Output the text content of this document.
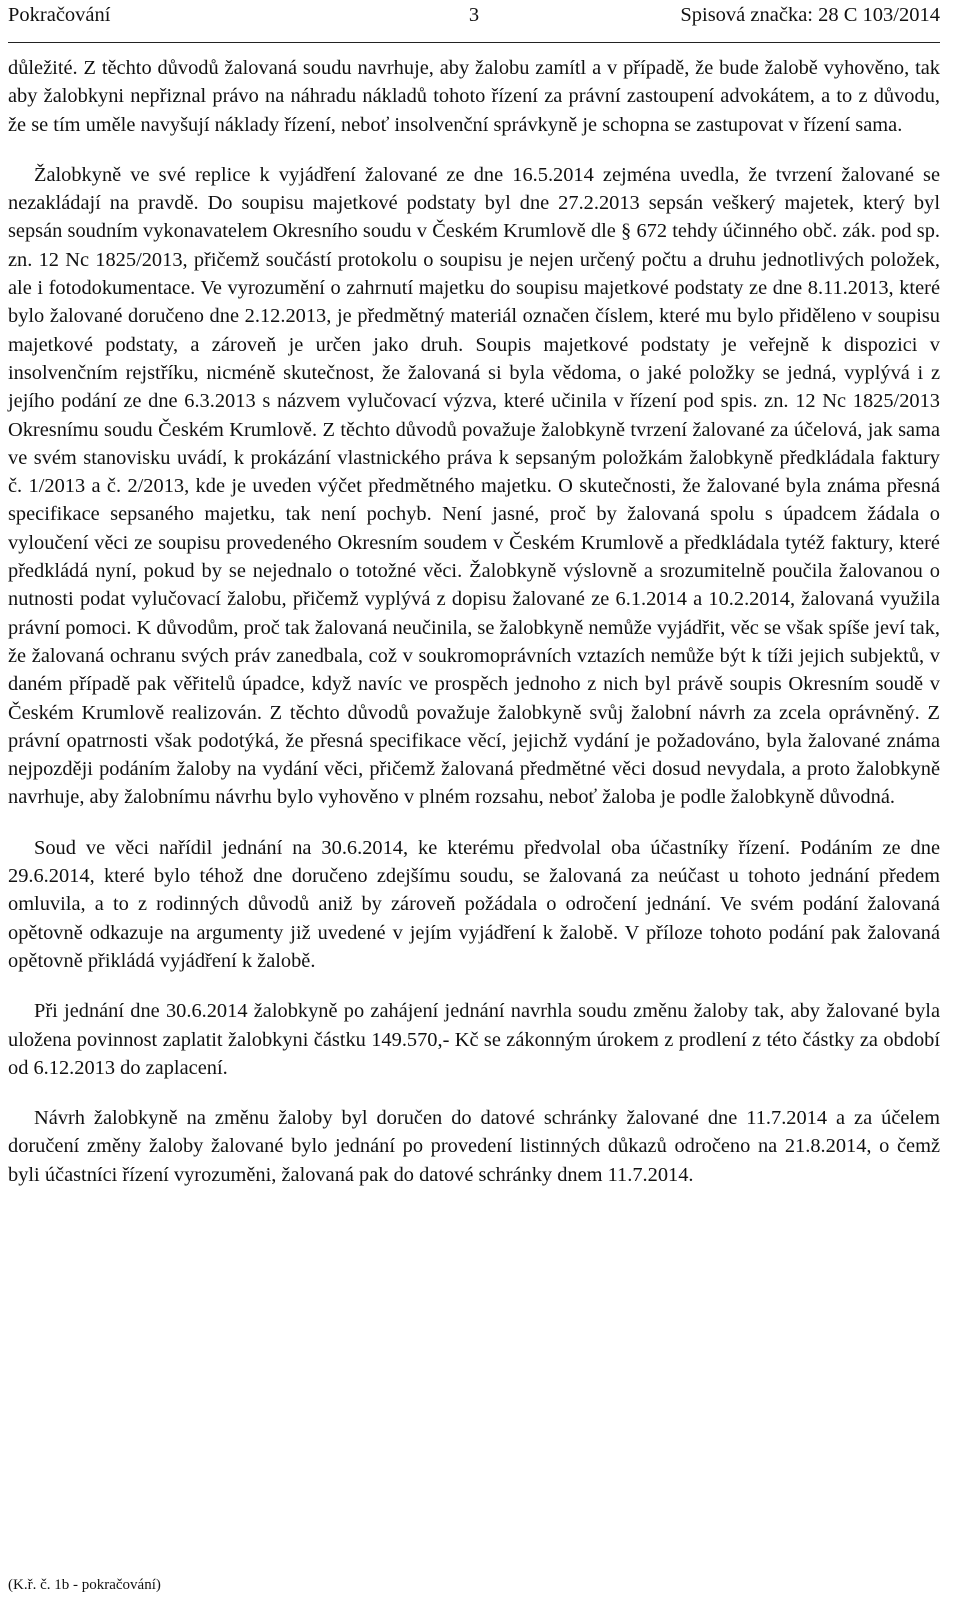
Pokračování	3	Spisová značka: 28 C 103/2014

důležité. Z těchto důvodů žalovaná soudu navrhuje, aby žalobu zamítl a v případě, že bude žalobě vyhověno, tak aby žalobkyni nepřiznal právo na náhradu nákladů tohoto řízení za právní zastoupení advokátem, a to z důvodu, že se tím uměle navyšují náklady řízení, neboť insolvenční správkyně je schopna se zastupovat v řízení sama.

Žalobkyně ve své replice k vyjádření žalované ze dne 16.5.2014 zejména uvedla, že tvrzení žalované se nezakládají na pravdě. Do soupisu majetkové podstaty byl dne 27.2.2013 sepsán veškerý majetek, který byl sepsán soudním vykonavatelem Okresního soudu v Českém Krumlově dle § 672 tehdy účinného obč. zák. pod sp. zn. 12 Nc 1825/2013, přičemž součástí protokolu o soupisu je nejen určený počtu a druhu jednotlivých položek, ale i fotodokumentace. Ve vyrozumění o zahrnutí majetku do soupisu majetkové podstaty ze dne 8.11.2013, které bylo žalované doručeno dne 2.12.2013, je předmětný materiál označen číslem, které mu bylo přiděleno v soupisu majetkové podstaty, a zároveň je určen jako druh. Soupis majetkové podstaty je veřejně k dispozici v insolvenčním rejstříku, nicméně skutečnost, že žalovaná si byla vědoma, o jaké položky se jedná, vyplývá i z jejího podání ze dne 6.3.2013 s názvem vylučovací výzva, které učinila v řízení pod spis. zn. 12 Nc 1825/2013 Okresnímu soudu Českém Krumlově. Z těchto důvodů považuje žalobkyně tvrzení žalované za účelová, jak sama ve svém stanovisku uvádí, k prokázání vlastnického práva k sepsaným položkám žalobkyně předkládala faktury č. 1/2013 a č. 2/2013, kde je uveden výčet předmětného majetku. O skutečnosti, že žalované byla známa přesná specifikace sepsaného majetku, tak není pochyb. Není jasné, proč by žalovaná spolu s úpadcem žádala o vyloučení věci ze soupisu provedeného Okresním soudem v Českém Krumlově a předkládala tytéž faktury, které předkládá nyní, pokud by se nejednalo o totožné věci. Žalobkyně výslovně a srozumitelně poučila žalovanou o nutnosti podat vylučovací žalobu, přičemž vyplývá z dopisu žalované ze 6.1.2014 a 10.2.2014, žalovaná využila právní pomoci. K důvodům, proč tak žalovaná neučinila, se žalobkyně nemůže vyjádřit, věc se však spíše jeví tak, že žalovaná ochranu svých práv zanedbala, což v soukromoprávních vztazích nemůže být k tíži jejich subjektů, v daném případě pak věřitelů úpadce, když navíc ve prospěch jednoho z nich byl právě soupis Okresním soudě v Českém Krumlově realizován. Z těchto důvodů považuje žalobkyně svůj žalobní návrh za zcela oprávněný. Z právní opatrnosti však podotýká, že přesná specifikace věcí, jejichž vydání je požadováno, byla žalované známa nejpozději podáním žaloby na vydání věci, přičemž žalovaná předmětné věci dosud nevydala, a proto žalobkyně navrhuje, aby žalobnímu návrhu bylo vyhověno v plném rozsahu, neboť žaloba je podle žalobkyně důvodná.

Soud ve věci nařídil jednání na 30.6.2014, ke kterému předvolal oba účastníky řízení. Podáním ze dne 29.6.2014, které bylo téhož dne doručeno zdejšímu soudu, se žalovaná za neúčast u tohoto jednání předem omluvila, a to z rodinných důvodů aniž by zároveň požádala o odročení jednání. Ve svém podání žalovaná opětovně odkazuje na argumenty již uvedené v jejím vyjádření k žalobě. V příloze tohoto podání pak žalovaná opětovně přikládá vyjádření k žalobě.

Při jednání dne 30.6.2014 žalobkyně po zahájení jednání navrhla soudu změnu žaloby tak, aby žalované byla uložena povinnost zaplatit žalobkyni částku 149.570,- Kč se zákonným úrokem z prodlení z této částky za období od 6.12.2013 do zaplacení.

Návrh žalobkyně na změnu žaloby byl doručen do datové schránky žalované dne 11.7.2014 a za účelem doručení změny žaloby žalované bylo jednání po provedení listinných důkazů odročeno na 21.8.2014, o čemž byli účastníci řízení vyrozuměni, žalovaná pak do datové schránky dnem 11.7.2014.

(K.ř. č. 1b - pokračování)
